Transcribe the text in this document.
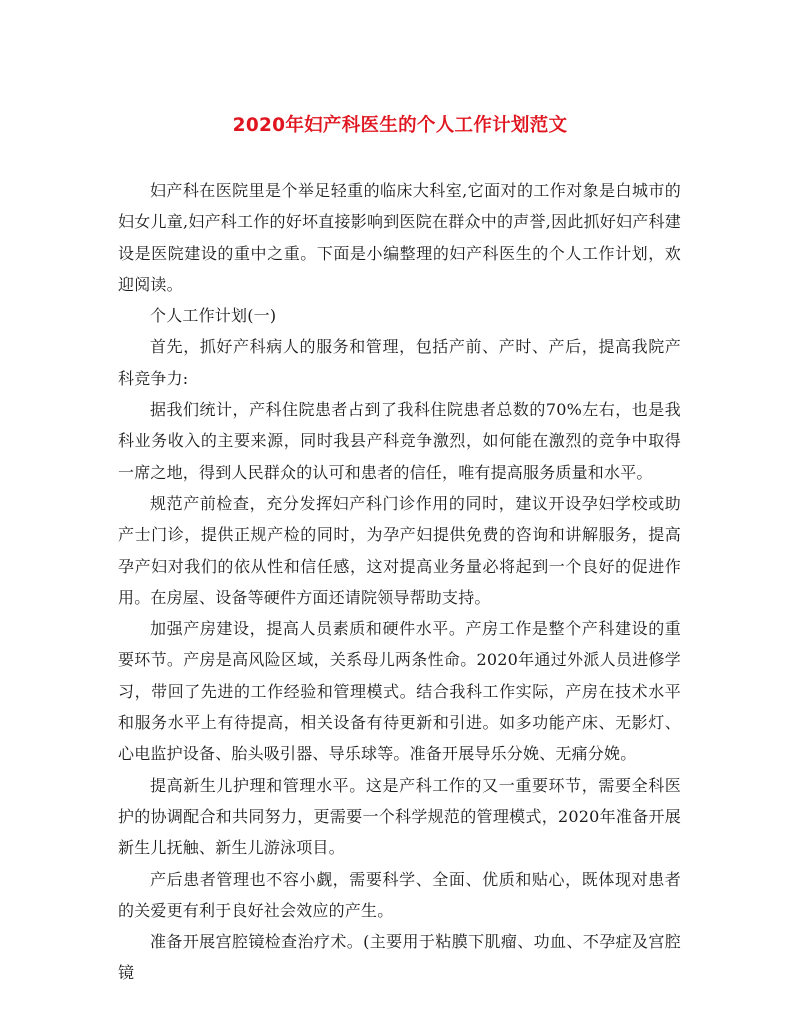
2020年妇产科医生的个人工作计划范文

妇产科在医院里是个举足轻重的临床大科室,它面对的工作对象是白城市的妇女儿童,妇产科工作的好坏直接影响到医院在群众中的声誉,因此抓好妇产科建设是医院建设的重中之重。下面是小编整理的妇产科医生的个人工作计划，欢迎阅读。

个人工作计划(一)

首先，抓好产科病人的服务和管理，包括产前、产时、产后，提高我院产科竞争力:

据我们统计，产科住院患者占到了我科住院患者总数的70%左右，也是我科业务收入的主要来源，同时我县产科竞争激烈，如何能在激烈的竞争中取得一席之地，得到人民群众的认可和患者的信任，唯有提高服务质量和水平。

规范产前检查，充分发挥妇产科门诊作用的同时，建议开设孕妇学校或助产士门诊，提供正规产检的同时，为孕产妇提供免费的咨询和讲解服务，提高孕产妇对我们的依从性和信任感，这对提高业务量必将起到一个良好的促进作用。在房屋、设备等硬件方面还请院领导帮助支持。

加强产房建设，提高人员素质和硬件水平。产房工作是整个产科建设的重要环节。产房是高风险区域，关系母儿两条性命。2020年通过外派人员进修学习，带回了先进的工作经验和管理模式。结合我科工作实际，产房在技术水平和服务水平上有待提高，相关设备有待更新和引进。如多功能产床、无影灯、心电监护设备、胎头吸引器、导乐球等。准备开展导乐分娩、无痛分娩。

提高新生儿护理和管理水平。这是产科工作的又一重要环节，需要全科医护的协调配合和共同努力，更需要一个科学规范的管理模式，2020年准备开展新生儿抚触、新生儿游泳项目。

产后患者管理也不容小觑，需要科学、全面、优质和贴心，既体现对患者的关爱更有利于良好社会效应的产生。

准备开展宫腔镜检查治疗术。(主要用于粘膜下肌瘤、功血、不孕症及宫腔镜
